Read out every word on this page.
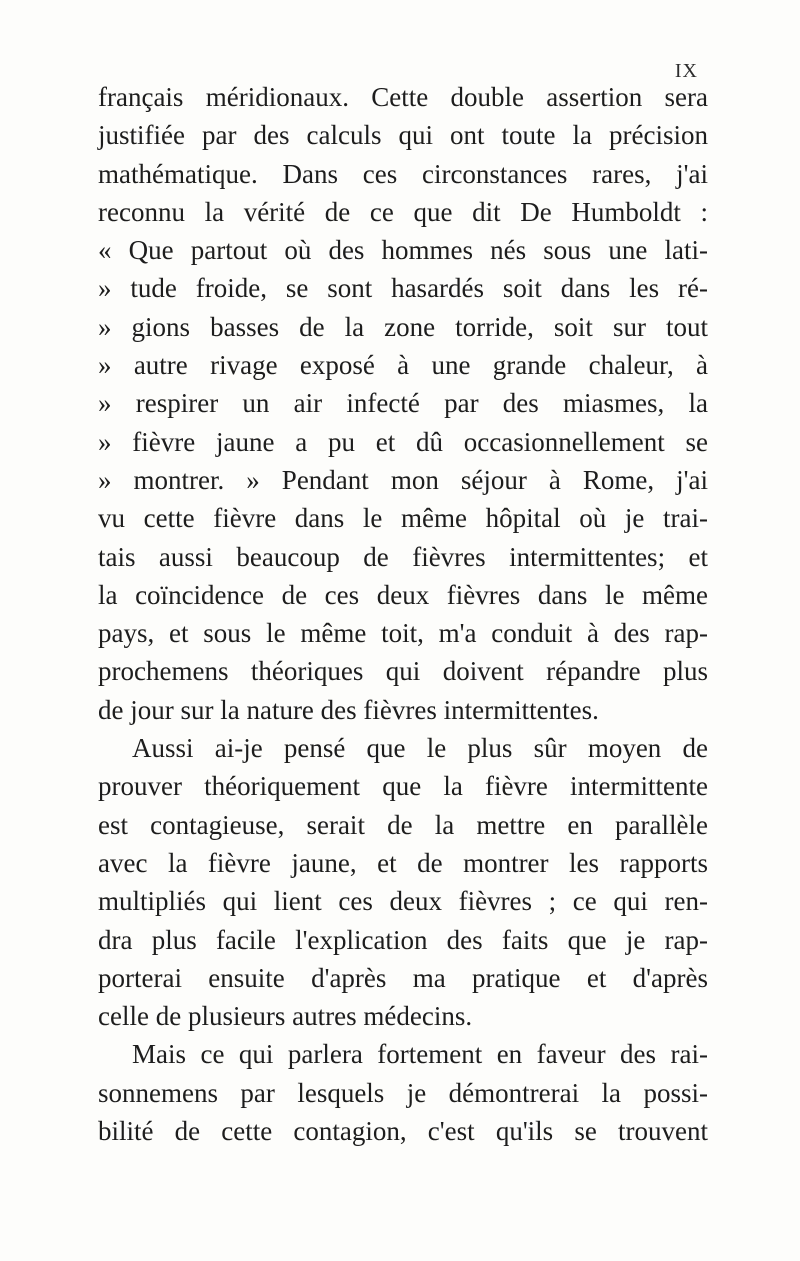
IX
français méridionaux. Cette double assertion sera
justifiée par des calculs qui ont toute la précision
mathématique. Dans ces circonstances rares, j'ai
reconnu la vérité de ce que dit De Humboldt :
« Que partout où des hommes nés sous une lati-
» tude froide, se sont hasardés soit dans les ré-
» gions basses de la zone torride, soit sur tout
» autre rivage exposé à une grande chaleur, à
» respirer un air infecté par des miasmes, la
» fièvre jaune a pu et dû occasionnellement se
» montrer. » Pendant mon séjour à Rome, j'ai
vu cette fièvre dans le même hôpital où je trai-
tais aussi beaucoup de fièvres intermittentes; et
la coïncidence de ces deux fièvres dans le même
pays, et sous le même toit, m'a conduit à des rap-
prochemens théoriques qui doivent répandre plus
de jour sur la nature des fièvres intermittentes.
Aussi ai-je pensé que le plus sûr moyen de
prouver théoriquement que la fièvre intermittente
est contagieuse, serait de la mettre en parallèle
avec la fièvre jaune, et de montrer les rapports
multipliés qui lient ces deux fièvres ; ce qui ren-
dra plus facile l'explication des faits que je rap-
porterai ensuite d'après ma pratique et d'après
celle de plusieurs autres médecins.
Mais ce qui parlera fortement en faveur des rai-
sonnemens par lesquels je démontrerai la possi-
bilité de cette contagion, c'est qu'ils se trouvent
